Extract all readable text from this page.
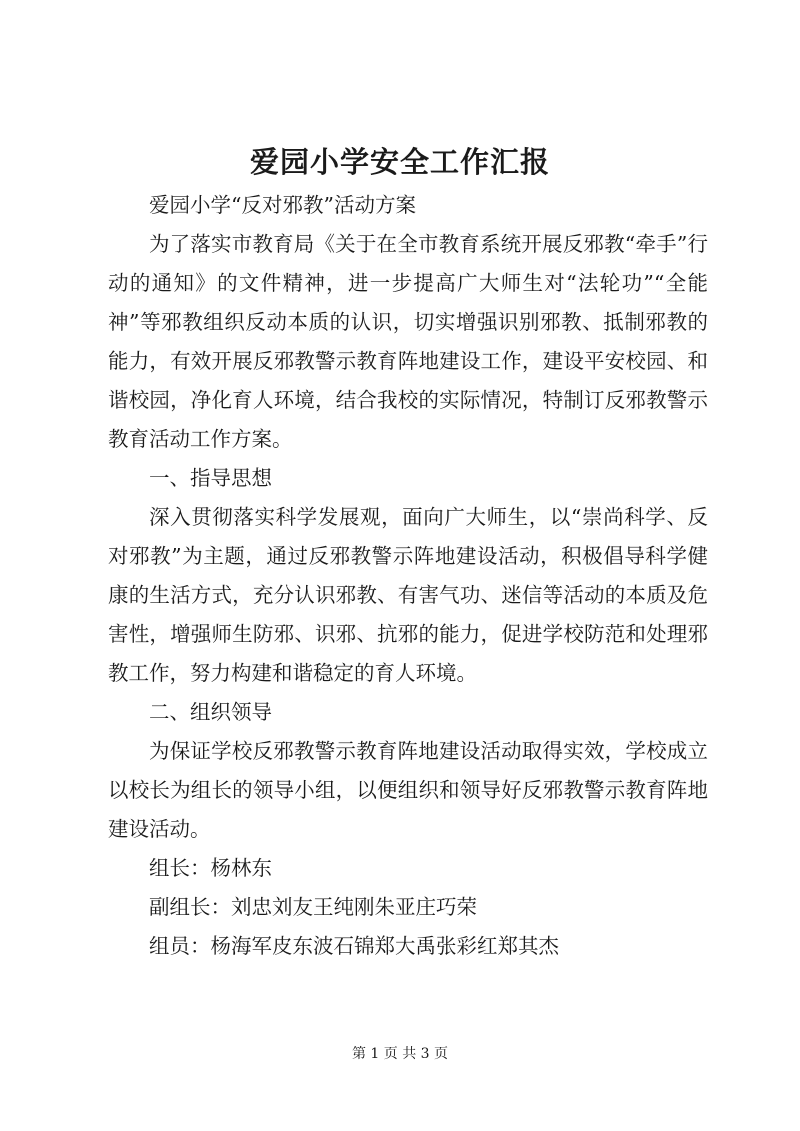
爱园小学安全工作汇报

爱园小学“反对邪教”活动方案

为了落实市教育局《关于在全市教育系统开展反邪教“牵手”行动的通知》的文件精神，进一步提高广大师生对“法轮功”“全能神”等邪教组织反动本质的认识，切实增强识别邪教、抵制邪教的能力，有效开展反邪教警示教育阵地建设工作，建设平安校园、和谐校园，净化育人环境，结合我校的实际情况，特制订反邪教警示教育活动工作方案。

一、指导思想

深入贯彻落实科学发展观，面向广大师生，以“崇尚科学、反对邪教”为主题，通过反邪教警示阵地建设活动，积极倡导科学健康的生活方式，充分认识邪教、有害气功、迷信等活动的本质及危害性，增强师生防邪、识邪、抗邪的能力，促进学校防范和处理邪教工作，努力构建和谐稳定的育人环境。

二、组织领导

为保证学校反邪教警示教育阵地建设活动取得实效，学校成立以校长为组长的领导小组，以便组织和领导好反邪教警示教育阵地建设活动。

组长：杨林东

副组长：刘忠刘友王纯刚朱亚庄巧荣

组员：杨海军皮东波石锦郑大禹张彩红郑其杰

第 1 页 共 3 页
